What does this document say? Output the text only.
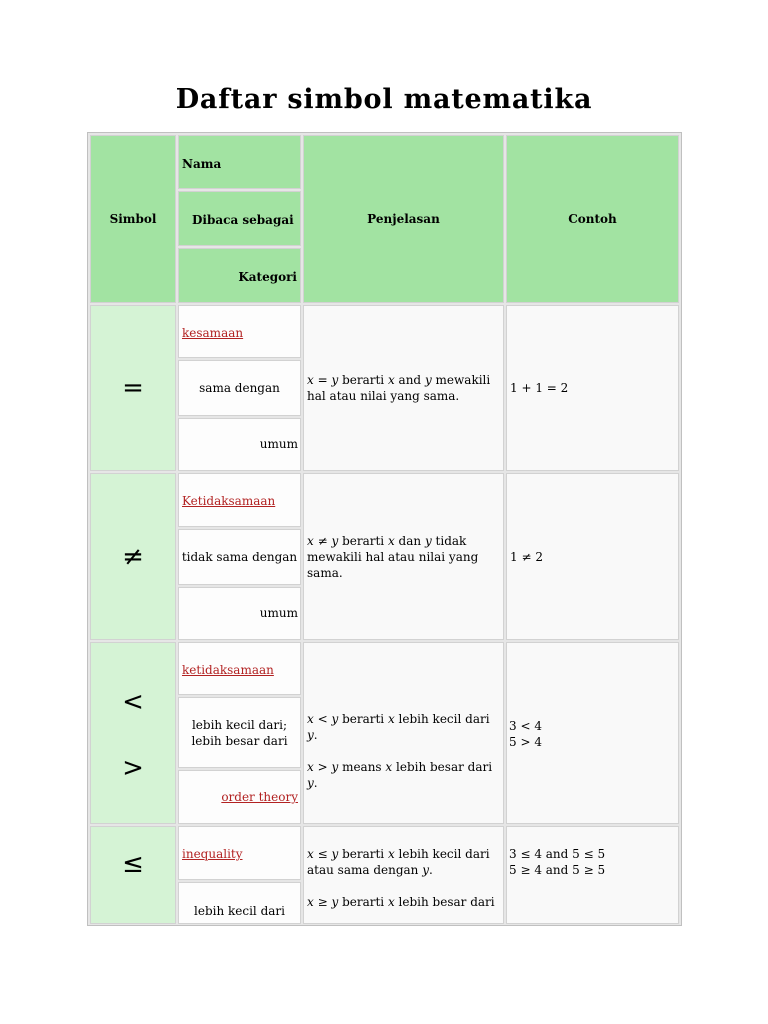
Daftar simbol matematika
Simbol
Nama
Dibaca sebagai
Kategori
Penjelasan	Contoh
=
kesamaan
sama dengan
umum
x = y berarti x and y mewakili hal atau nilai yang sama.
1 + 1 = 2
≠
Ketidaksamaan
tidak sama dengan
umum
x ≠ y berarti x dan y tidak mewakili hal atau nilai yang sama.
1 ≠ 2
<
>
ketidaksamaan
lebih kecil dari; lebih besar dari
order theory
x < y berarti x lebih kecil dari y.
x > y means x lebih besar dari y.
3 < 4
5 > 4
≤	inequality
lebih kecil dari
x ≤ y berarti x lebih kecil dari atau sama dengan y.
x ≥ y berarti x lebih besar dari
3 ≤ 4 and 5 ≤ 5
5 ≥ 4 and 5 ≥ 5
